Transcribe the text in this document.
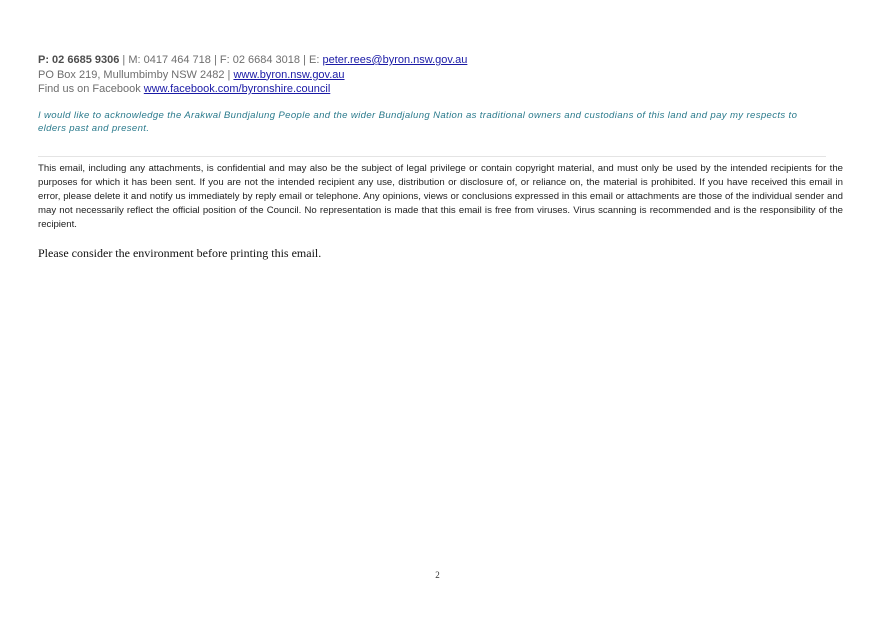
P: 02 6685 9306 | M: 0417 464 718 | F: 02 6684 3018 | E: peter.rees@byron.nsw.gov.au
PO Box 219, Mullumbimby NSW 2482 | www.byron.nsw.gov.au
Find us on Facebook www.facebook.com/byronshire.council
I would like to acknowledge the Arakwal Bundjalung People and the wider Bundjalung Nation as traditional owners and custodians of this land and pay my respects to elders past and present.
This email, including any attachments, is confidential and may also be the subject of legal privilege or contain copyright material, and must only be used by the intended recipients for the purposes for which it has been sent. If you are not the intended recipient any use, distribution or disclosure of, or reliance on, the material is prohibited. If you have received this email in error, please delete it and notify us immediately by reply email or telephone. Any opinions, views or conclusions expressed in this email or attachments are those of the individual sender and may not necessarily reflect the official position of the Council. No representation is made that this email is free from viruses. Virus scanning is recommended and is the responsibility of the recipient.
Please consider the environment before printing this email.
2
